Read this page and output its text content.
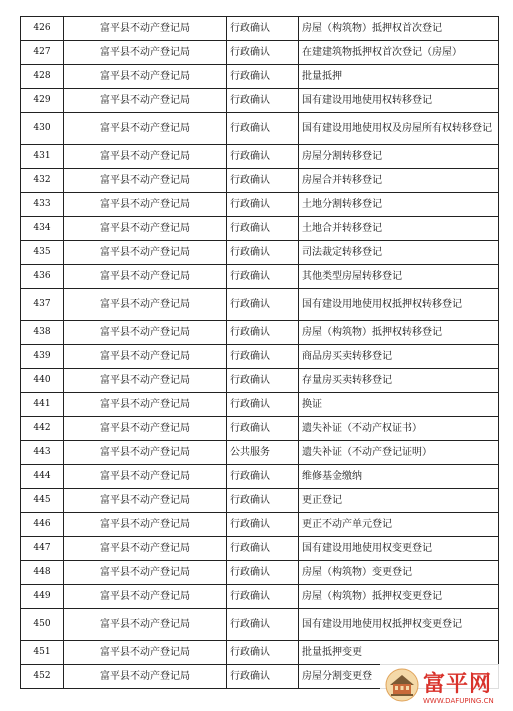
426	富平县不动产登记局	行政确认	房屋（构筑物）抵押权首次登记
427	富平县不动产登记局	行政确认	在建建筑物抵押权首次登记（房屋）
428	富平县不动产登记局	行政确认	批量抵押
429	富平县不动产登记局	行政确认	国有建设用地使用权转移登记
430	富平县不动产登记局	行政确认	国有建设用地使用权及房屋所有权转移登记
431	富平县不动产登记局	行政确认	房屋分割转移登记
432	富平县不动产登记局	行政确认	房屋合并转移登记
433	富平县不动产登记局	行政确认	土地分割转移登记
434	富平县不动产登记局	行政确认	土地合并转移登记
435	富平县不动产登记局	行政确认	司法裁定转移登记
436	富平县不动产登记局	行政确认	其他类型房屋转移登记
437	富平县不动产登记局	行政确认	国有建设用地使用权抵押权转移登记
438	富平县不动产登记局	行政确认	房屋（构筑物）抵押权转移登记
439	富平县不动产登记局	行政确认	商品房买卖转移登记
440	富平县不动产登记局	行政确认	存量房买卖转移登记
441	富平县不动产登记局	行政确认	换证
442	富平县不动产登记局	行政确认	遗失补证（不动产权证书）
443	富平县不动产登记局	公共服务	遗失补证（不动产登记证明）
444	富平县不动产登记局	行政确认	维修基金缴纳
445	富平县不动产登记局	行政确认	更正登记
446	富平县不动产登记局	行政确认	更正不动产单元登记
447	富平县不动产登记局	行政确认	国有建设用地使用权变更登记
448	富平县不动产登记局	行政确认	房屋（构筑物）变更登记
449	富平县不动产登记局	行政确认	房屋（构筑物）抵押权变更登记
450	富平县不动产登记局	行政确认	国有建设用地使用权抵押权变更登记
451	富平县不动产登记局	行政确认	批量抵押变更
452	富平县不动产登记局	行政确认	房屋分割变更登 富平网
WWW.DAFUPING.CN
